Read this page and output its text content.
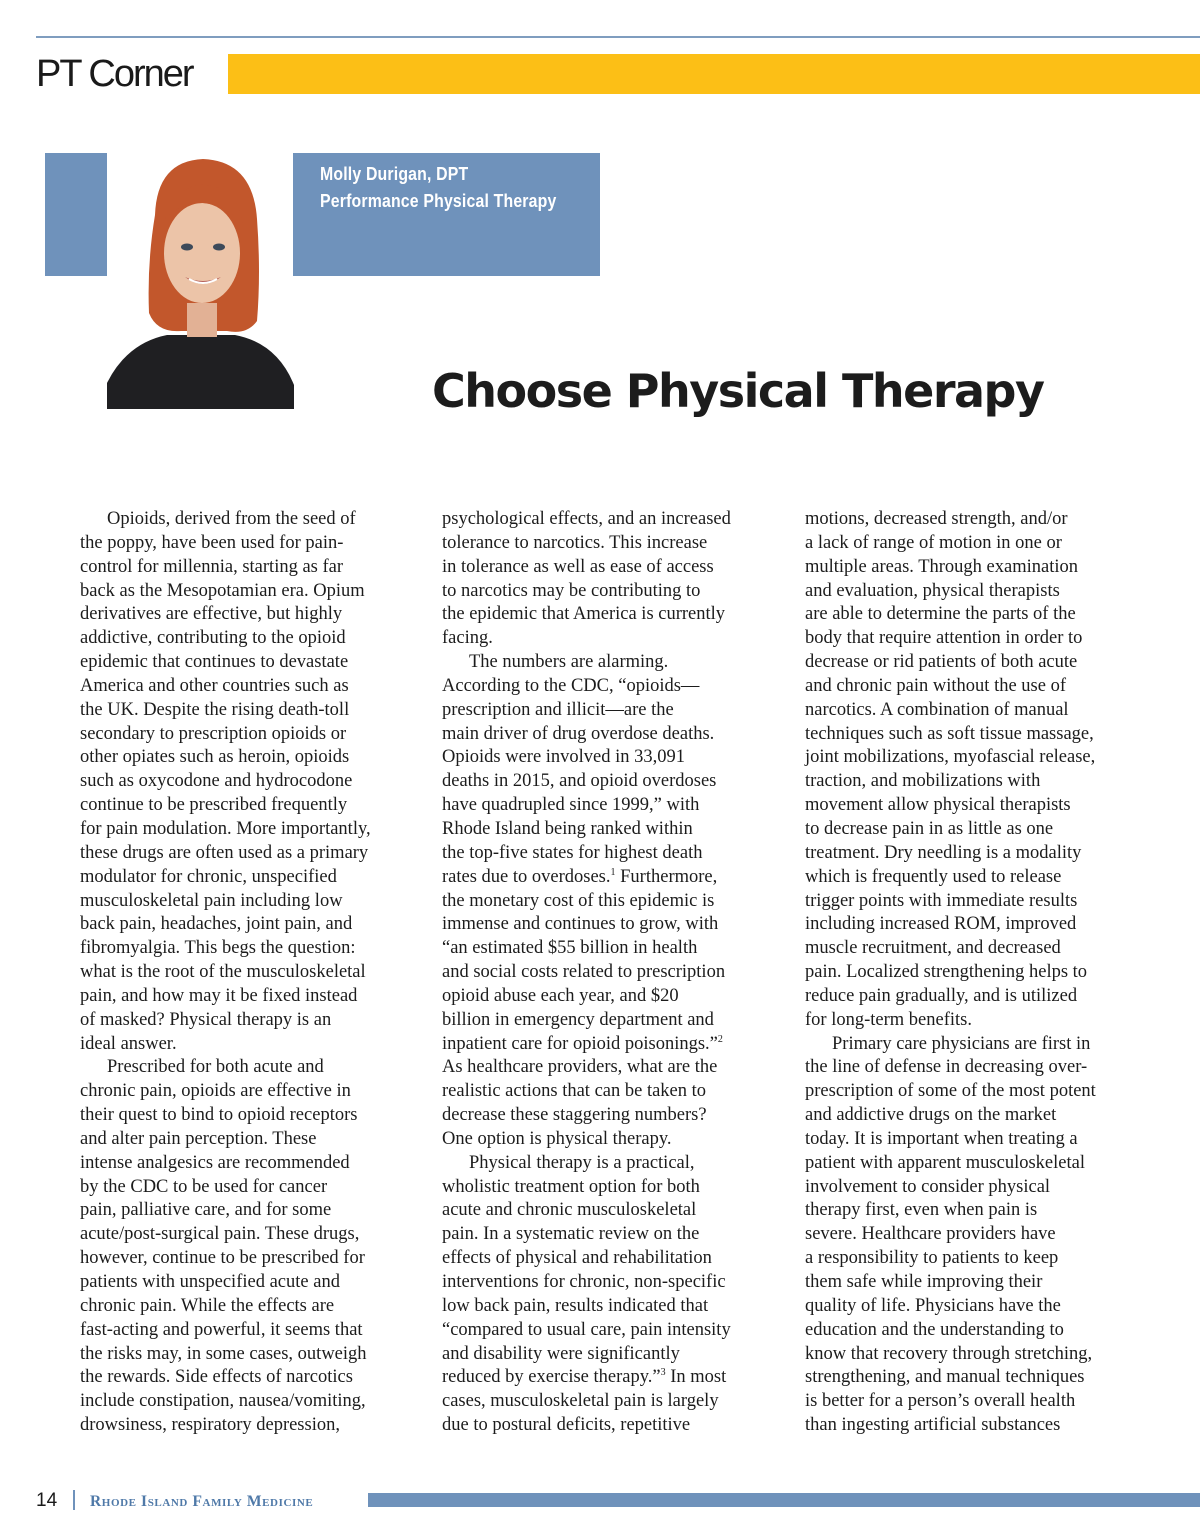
PT Corner
Molly Durigan, DPT
Performance Physical Therapy
Choose Physical Therapy
Opioids, derived from the seed of
the poppy, have been used for pain-
control for millennia, starting as far
back as the Mesopotamian era. Opium
derivatives are effective, but highly
addictive, contributing to the opioid
epidemic that continues to devastate
America and other countries such as
the UK. Despite the rising death-toll
secondary to prescription opioids or
other opiates such as heroin, opioids
such as oxycodone and hydrocodone
continue to be prescribed frequently
for pain modulation. More importantly,
these drugs are often used as a primary
modulator for chronic, unspecified
musculoskeletal pain including low
back pain, headaches, joint pain, and
fibromyalgia. This begs the question:
what is the root of the musculoskeletal
pain, and how may it be fixed instead
of masked? Physical therapy is an
ideal answer.
Prescribed for both acute and
chronic pain, opioids are effective in
their quest to bind to opioid receptors
and alter pain perception. These
intense analgesics are recommended
by the CDC to be used for cancer
pain, palliative care, and for some
acute/post-surgical pain. These drugs,
however, continue to be prescribed for
patients with unspecified acute and
chronic pain. While the effects are
fast-acting and powerful, it seems that
the risks may, in some cases, outweigh
the rewards. Side effects of narcotics
include constipation, nausea/vomiting,
drowsiness, respiratory depression,
psychological effects, and an increased
tolerance to narcotics. This increase
in tolerance as well as ease of access
to narcotics may be contributing to
the epidemic that America is currently
facing.
The numbers are alarming.
According to the CDC, “opioids—
prescription and illicit—are the
main driver of drug overdose deaths.
Opioids were involved in 33,091
deaths in 2015, and opioid overdoses
have quadrupled since 1999,” with
Rhode Island being ranked within
the top-five states for highest death
rates due to overdoses.$^1$ Furthermore,
the monetary cost of this epidemic is
immense and continues to grow, with
“an estimated $55 billion in health
and social costs related to prescription
opioid abuse each year, and $20
billion in emergency department and
inpatient care for opioid poisonings.”$^2$
As healthcare providers, what are the
realistic actions that can be taken to
decrease these staggering numbers?
One option is physical therapy.
Physical therapy is a practical,
wholistic treatment option for both
acute and chronic musculoskeletal
pain. In a systematic review on the
effects of physical and rehabilitation
interventions for chronic, non-specific
low back pain, results indicated that
“compared to usual care, pain intensity
and disability were significantly
reduced by exercise therapy.”$^3$ In most
cases, musculoskeletal pain is largely
due to postural deficits, repetitive
motions, decreased strength, and/or
a lack of range of motion in one or
multiple areas. Through examination
and evaluation, physical therapists
are able to determine the parts of the
body that require attention in order to
decrease or rid patients of both acute
and chronic pain without the use of
narcotics. A combination of manual
techniques such as soft tissue massage,
joint mobilizations, myofascial release,
traction, and mobilizations with
movement allow physical therapists
to decrease pain in as little as one
treatment. Dry needling is a modality
which is frequently used to release
trigger points with immediate results
including increased ROM, improved
muscle recruitment, and decreased
pain. Localized strengthening helps to
reduce pain gradually, and is utilized
for long-term benefits.
Primary care physicians are first in
the line of defense in decreasing over-
prescription of some of the most potent
and addictive drugs on the market
today. It is important when treating a
patient with apparent musculoskeletal
involvement to consider physical
therapy first, even when pain is
severe. Healthcare providers have
a responsibility to patients to keep
them safe while improving their
quality of life. Physicians have the
education and the understanding to
know that recovery through stretching,
strengthening, and manual techniques
is better for a person’s overall health
than ingesting artificial substances
14 Rhode Island Family Medicine
